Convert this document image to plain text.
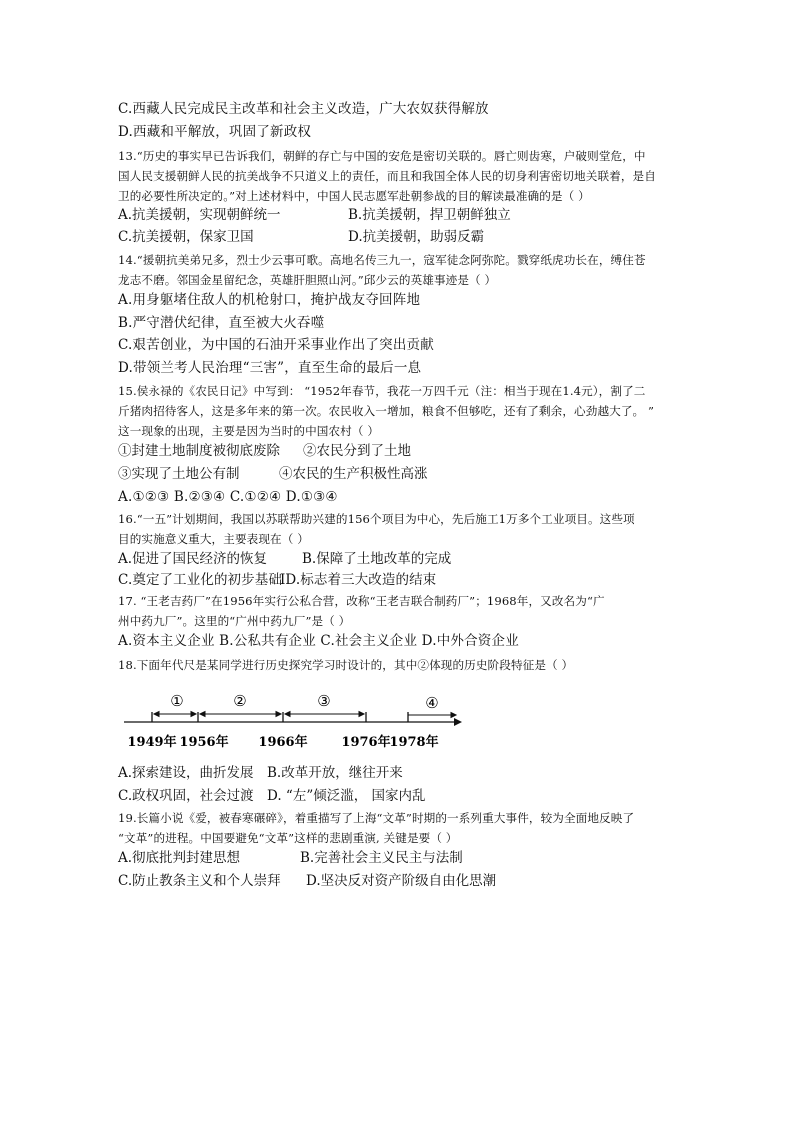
C.西藏人民完成民主改革和社会主义改造，广大农奴获得解放
D.西藏和平解放，巩固了新政权
13.“历史的事实早已告诉我们，朝鲜的存亡与中国的安危是密切关联的。唇亡则齿寒，户破则堂危，中
国人民支援朝鲜人民的抗美战争不只道义上的责任，而且和我国全体人民的切身利害密切地关联着，是自
卫的必要性所决定的。”对上述材料中，中国人民志愿军赴朝参战的目的解读最准确的是（ ）
A.抗美援朝，实现朝鲜统一	B.抗美援朝，捍卫朝鲜独立
C.抗美援朝，保家卫国	D.抗美援朝，助弱反霸
14.“援朝抗美弟兄多，烈士少云事可歌。高地名传三九一，寇军徒念阿弥陀。戮穿纸虎功长在，缚住苍
龙志不磨。邻国金星留纪念，英雄肝胆照山河。”邱少云的英雄事迹是（ ）
A.用身躯堵住敌人的机枪射口，掩护战友夺回阵地
B.严守潜伏纪律，直至被大火吞噬
C.艰苦创业，为中国的石油开采事业作出了突出贡献
D.带领兰考人民治理“三害”，直至生命的最后一息
15.侯永禄的《农民日记》中写到： “1952年春节，我花一万四千元（注：相当于现在1.4元），割了二
斤猪肉招待客人，这是多年来的第一次。农民收入一增加，粮食不但够吃，还有了剩余，心劲越大了。 ”
这一现象的出现，主要是因为当时的中国农村（ ）
①封建土地制度被彻底废除 ②农民分到了土地
③实现了土地公有制	④农民的生产积极性高涨
A.①②③ B.②③④ C.①②④ D.①③④
16.“一五”计划期间，我国以苏联帮助兴建的156个项目为中心，先后施工1万多个工业项目。这些项
目的实施意义重大，主要表现在（ ）
A.促进了国民经济的恢复	B.保障了土地改革的完成
C.奠定了工业化的初步基础
ID.标志着三大改造的结束
17. “王老吉药厂”在1956年实行公私合营，改称“王老吉联合制药厂”；1968年，又改名为“广
州中药九厂”。这里的“广州中药九厂”是（ ）
A.资本主义企业 B.公私共有企业 C.社会主义企业 D.中外合资企业
18.下面年代尺是某同学进行历史探究学习时设计的，其中②体现的历史阶段特征是（ ）
①	②	③	④
1949年 1956年 1966年	1976年
1978年
A.探索建设，曲折发展 B.改革开放，继往开来
C.政权巩固，社会过渡 D. “左”倾泛滥， 国家内乱
19.长篇小说《爱，被春寒碾碎》，着重描写了上海“文革”时期的一系列重大事件，较为全面地反映了
“文革”的进程。中国要避免“文革”这样的悲剧重演, 关键是要（ ）
A.彻底批判封建思想	B.完善社会主义民主与法制
C.防止教条主义和个人崇拜 D.坚决反对资产阶级自由化思潮
